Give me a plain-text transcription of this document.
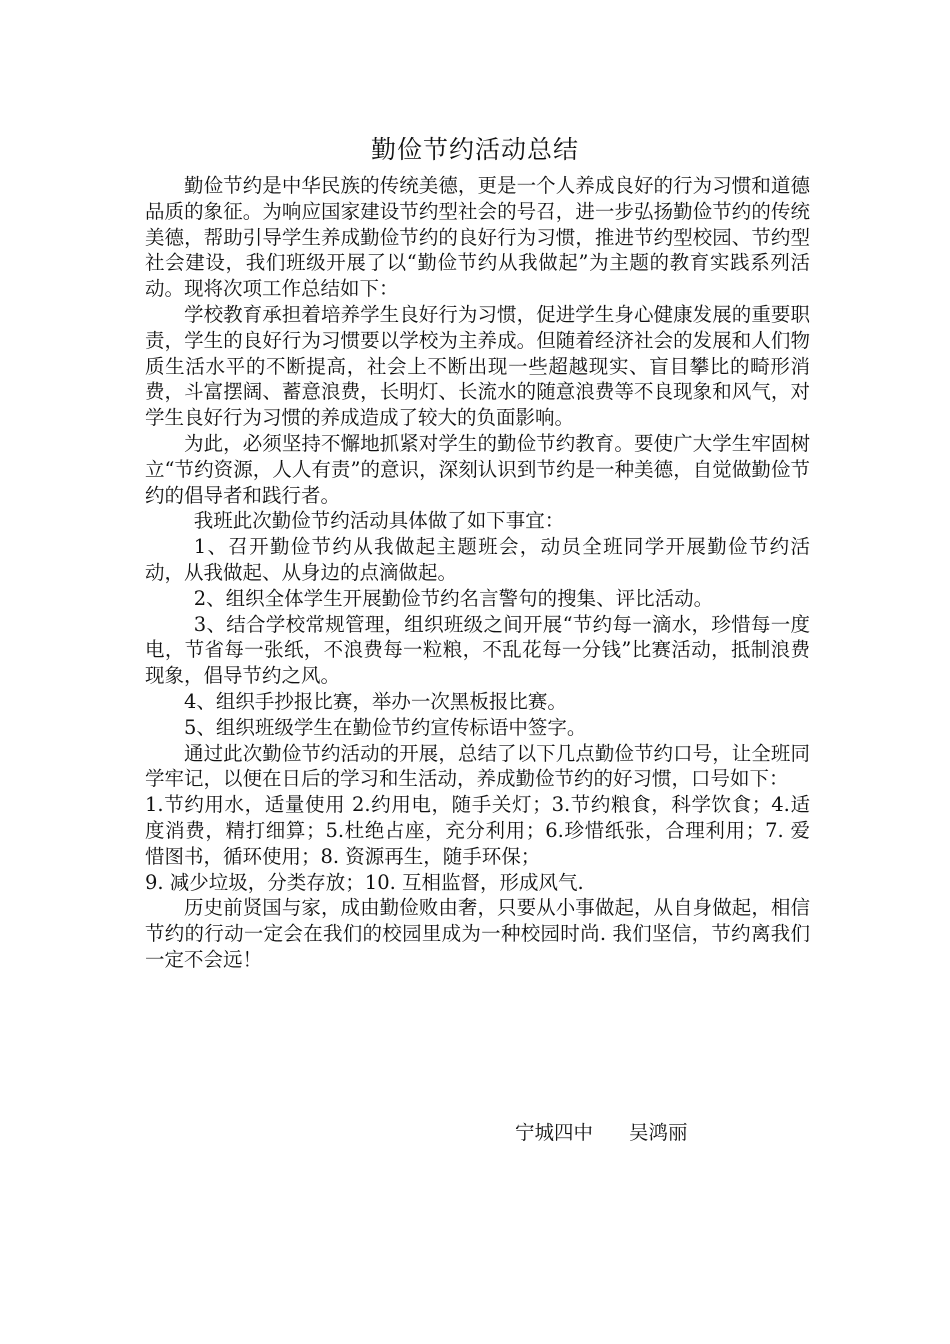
勤俭节约活动总结

勤俭节约是中华民族的传统美德，更是一个人养成良好的行为习惯和道德品质的象征。为响应国家建设节约型社会的号召，进一步弘扬勤俭节约的传统美德，帮助引导学生养成勤俭节约的良好行为习惯，推进节约型校园、节约型社会建设，我们班级开展了以“勤俭节约从我做起”为主题的教育实践系列活动。现将次项工作总结如下：

学校教育承担着培养学生良好行为习惯，促进学生身心健康发展的重要职责，学生的良好行为习惯要以学校为主养成。但随着经济社会的发展和人们物质生活水平的不断提高，社会上不断出现一些超越现实、盲目攀比的畸形消费，斗富摆阔、蓄意浪费，长明灯、长流水的随意浪费等不良现象和风气，对学生良好行为习惯的养成造成了较大的负面影响。

为此，必须坚持不懈地抓紧对学生的勤俭节约教育。要使广大学生牢固树立“节约资源，人人有责”的意识，深刻认识到节约是一种美德，自觉做勤俭节约的倡导者和践行者。

我班此次勤俭节约活动具体做了如下事宜：

1、召开勤俭节约从我做起主题班会，动员全班同学开展勤俭节约活动，从我做起、从身边的点滴做起。

2、组织全体学生开展勤俭节约名言警句的搜集、评比活动。

3、结合学校常规管理，组织班级之间开展“节约每一滴水，珍惜每一度电，节省每一张纸，不浪费每一粒粮，不乱花每一分钱”比赛活动，抵制浪费现象，倡导节约之风。

4、组织手抄报比赛，举办一次黑板报比赛。

5、组织班级学生在勤俭节约宣传标语中签字。

通过此次勤俭节约活动的开展，总结了以下几点勤俭节约口号，让全班同学牢记，以便在日后的学习和生活动，养成勤俭节约的好习惯，口号如下：

1.节约用水，适量使用 2.约用电，随手关灯；3.节约粮食，科学饮食；4.适度消费，精打细算；5.杜绝占座，充分利用；6.珍惜纸张，合理利用；7. 爱惜图书，循环使用；8. 资源再生，随手环保；

9. 减少垃圾，分类存放；10. 互相监督，形成风气.

历史前贤国与家，成由勤俭败由奢，只要从小事做起，从自身做起，相信节约的行动一定会在我们的校园里成为一种校园时尚. 我们坚信，节约离我们一定不会远！

宁城四中 吴鸿丽
